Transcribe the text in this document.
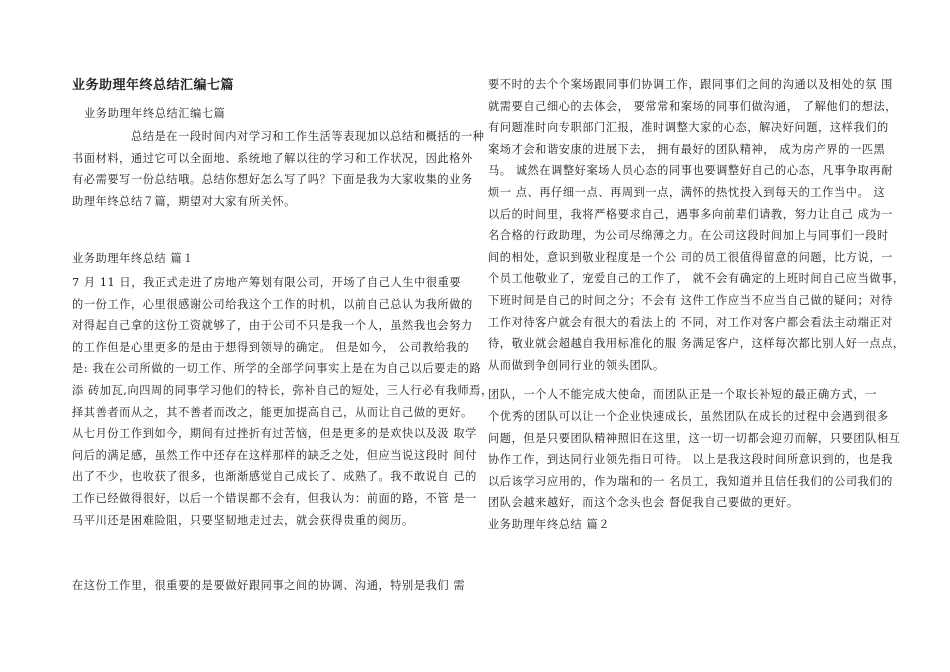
业务助理年终总结汇编七篇
业务助理年终总结汇编七篇
　　　　　总结是在一段时间内对学习和工作生活等表现加以总结和概括的一种
书面材料，通过它可以全面地、系统地了解以往的学习和工作状况，因此格外
有必需要写一份总结哦。总结你想好怎么写了吗？下面是我为大家收集的业务
助理年终总结７篇，期望对大家有所关怀。
业务助理年终总结 篇１
7 月 11 日，我正式走进了房地产筹划有限公司，开场了自己人生中很重要
的一份工作，心里很感谢公司给我这个工作的时机，以前自己总认为我所做的
对得起自己拿的这份工资就够了，由于公司不只是我一个人，虽然我也会努力
的工作但是心里更多的是由于想得到领导的确定。 但是如今， 公司教给我的
是: 我在公司所做的一切工作、所学的全部学问事实上是在为自己以后要走的路
添 砖加瓦,向四周的同事学习他们的特长，弥补自己的短处，三人行必有我师焉，
择其善者而从之，其不善者而改之，能更加提高自己，从而让自己做的更好。
从七月份工作到如今，期间有过挫折有过苦恼，但是更多的是欢快以及汲 取学
问后的满足感，虽然工作中还存在这样那样的缺乏之处，但应当说这段时 间付
出了不少，也收获了很多，也渐渐感觉自己成长了、成熟了。我不敢说自 己的
工作已经做得很好，以后一个错误都不会有，但我认为：前面的路，不管 是一
马平川还是困难险阻，只要坚韧地走过去，就会获得贵重的阅历。
在这份工作里，很重要的是要做好跟同事之间的协调、沟通，特别是我们 需
要不时的去个个案场跟同事们协调工作，跟同事们之间的沟通以及相处的氛 围
就需要自己细心的去体会， 要常常和案场的同事们做沟通， 了解他们的想法，
有问题准时向专职部门汇报，准时调整大家的心态，解决好问题，这样我们的
案场才会和谐安康的进展下去， 拥有最好的团队精神， 成为房产界的一匹黑
马。 诚然在调整好案场人员心态的同事也要调整好自己的心态，凡事争取再耐
烦一 点、再仔细一点、再周到一点，满怀的热忱投入到每天的工作当中。 这
以后的时间里，我将严格要求自己，遇事多向前辈们请教，努力让自己 成为一
名合格的行政助理，为公司尽绵薄之力。在公司这段时间加上与同事们一段时
间的相处，意识到敬业程度是一个公 司的员工很值得留意的问题，比方说，一
个员工他敬业了，宠爱自己的工作了， 就不会有确定的上班时间自己应当做事，
下班时间是自己的时间之分；不会有 这件工作应当不应当自己做的疑问；对待
工作对待客户就会有很大的看法上的 不同，对工作对客户都会看法主动端正对
待，敬业就会超越自我用标准化的服 务满足客户，这样每次都比别人好一点点，
从而做到争创同行业的领头团队。
团队，一个人不能完成大使命，而团队正是一个取长补短的最正确方式，一
个优秀的团队可以让一个企业快速成长，虽然团队在成长的过程中会遇到很多
问题，但是只要团队精神照旧在这里，这一切一切都会迎刃而解，只要团队相互
协作工作，到达同行业领先指日可待。 以上是我这段时间所意识到的，也是我
以后该学习应用的，作为瑞和的一 名员工，我知道并且信任我们的公司我们的
团队会越来越好，而这个念头也会 督促我自己要做的更好。
业务助理年终总结 篇２
